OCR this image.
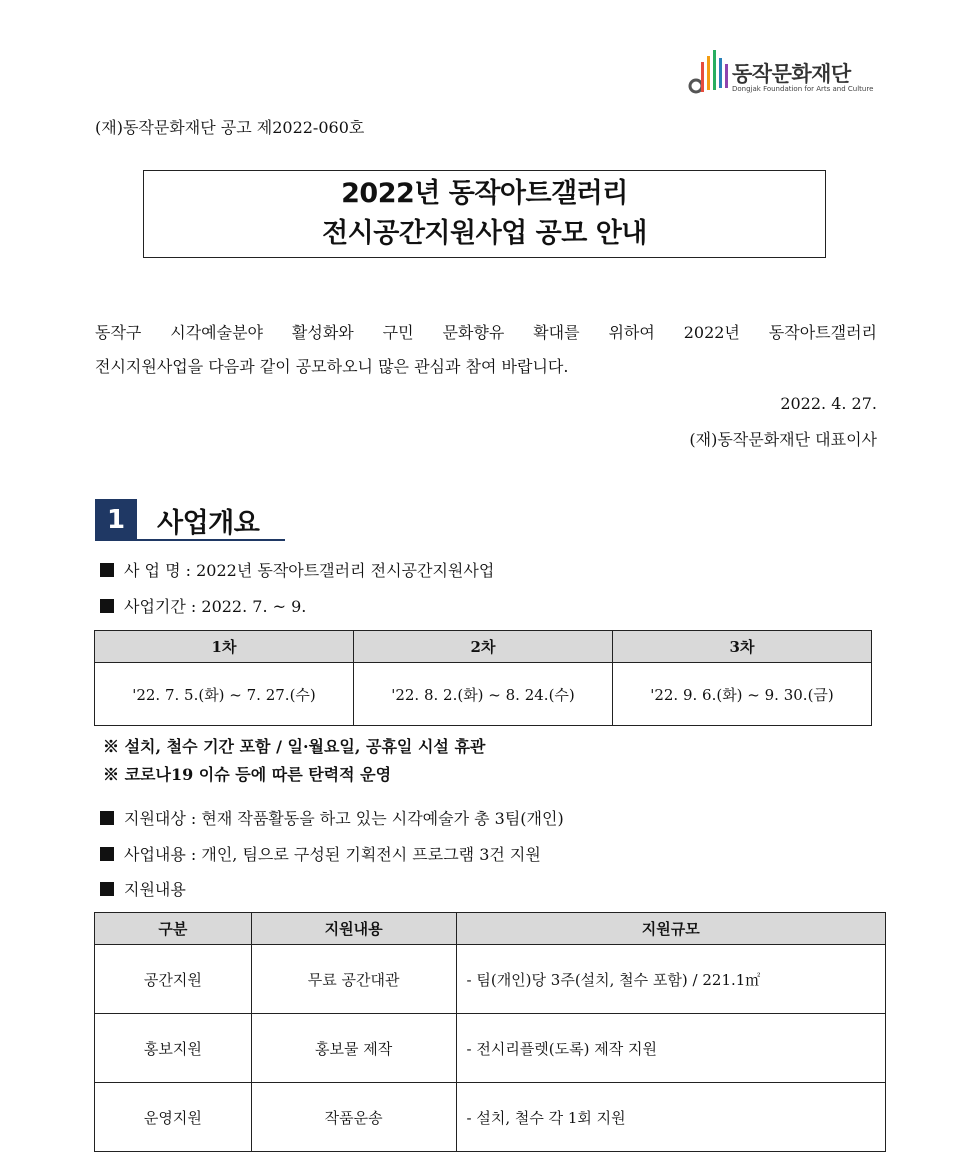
동작문화재단
Dongjak Foundation for Arts and Culture
(재)동작문화재단 공고 제2022-060호
2022년 동작아트갤러리
전시공간지원사업 공모 안내
동작구 시각예술분야 활성화와 구민 문화향유 확대를 위하여 2022년 동작아트갤러리
전시지원사업을 다음과 같이 공모하오니 많은 관심과 참여 바랍니다.
2022. 4. 27.
(재)동작문화재단 대표이사
1	사업개요
사 업 명 : 2022년 동작아트갤러리 전시공간지원사업
사업기간 : 2022. 7. ~ 9.
1차	2차	3차
'22. 7. 5.(화) ~ 7. 27.(수)	'22. 8. 2.(화) ~ 8. 24.(수)	'22. 9. 6.(화) ~ 9. 30.(금)
※ 설치, 철수 기간 포함 / 일·월요일, 공휴일 시설 휴관
※ 코로나19 이슈 등에 따른 탄력적 운영
지원대상 : 현재 작품활동을 하고 있는 시각예술가 총 3팀(개인)
사업내용 : 개인, 팀으로 구성된 기획전시 프로그램 3건 지원
지원내용
구분	지원내용	지원규모
공간지원	무료 공간대관	- 팀(개인)당 3주(설치, 철수 포함) / 221.1㎡
홍보지원	홍보물 제작	- 전시리플렛(도록) 제작 지원
운영지원	작품운송	- 설치, 철수 각 1회 지원
